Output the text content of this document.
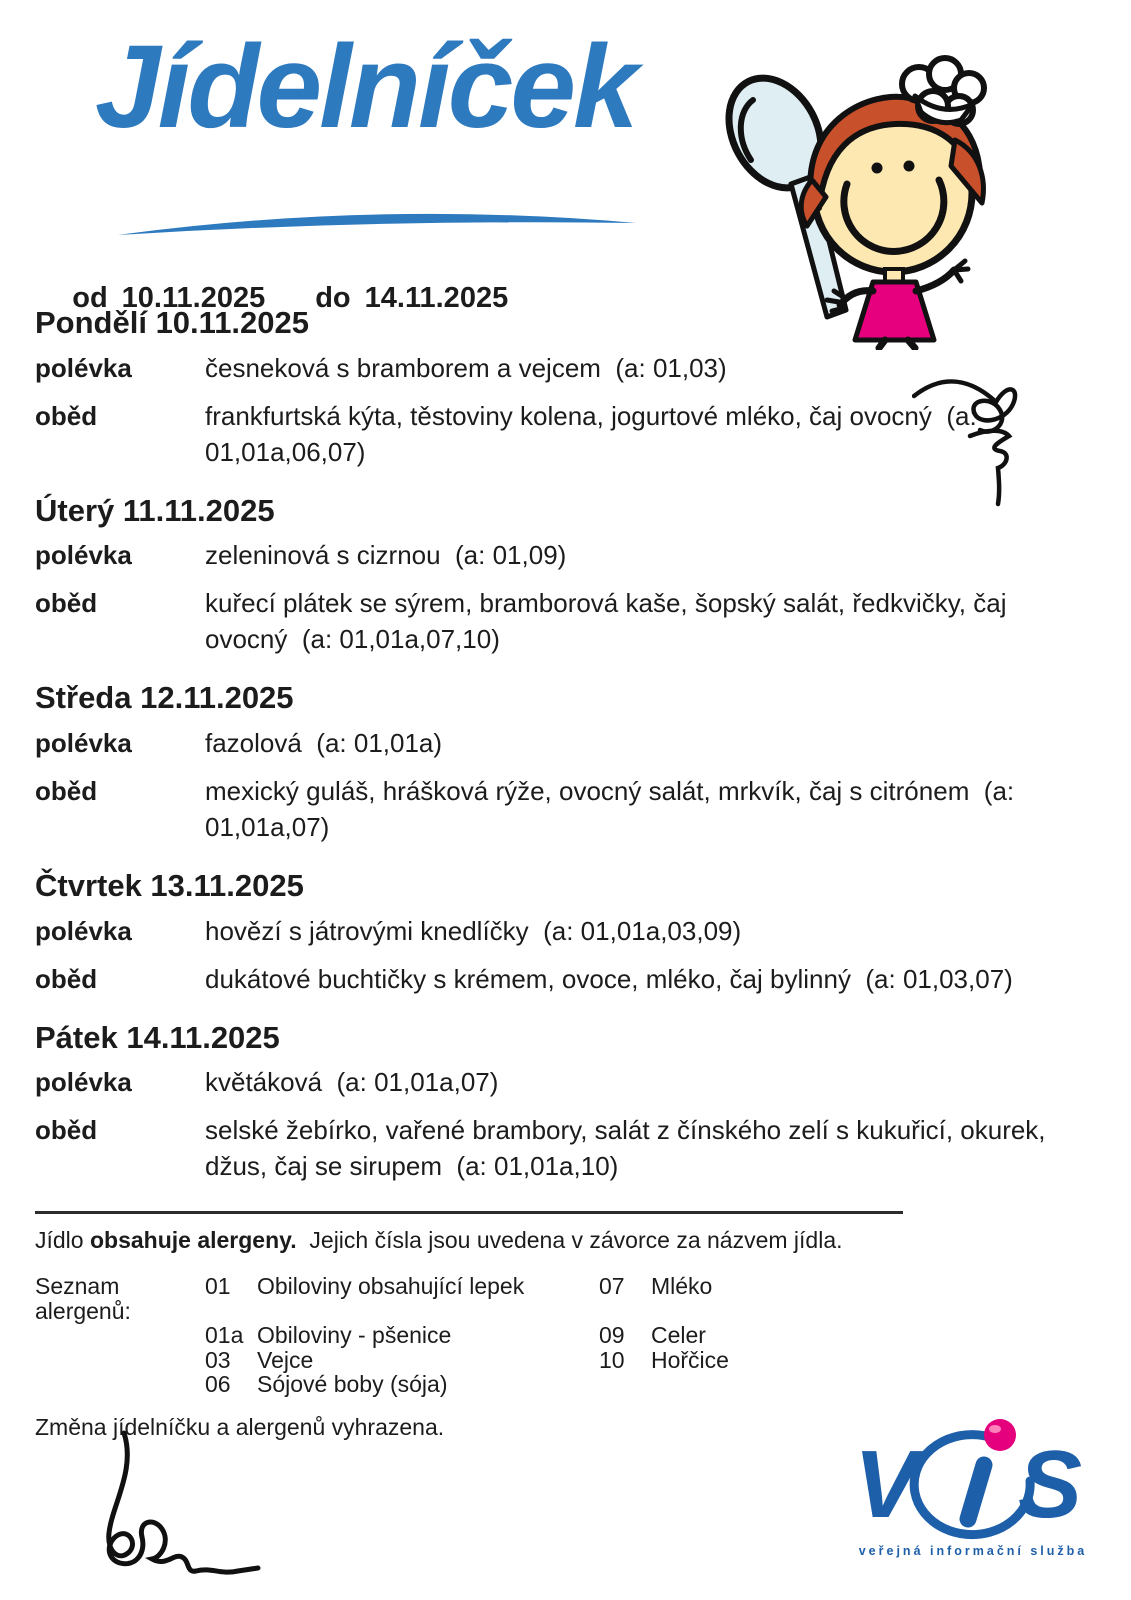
Jídelníček

od 10.11.2025 do 14.11.2025

Pondělí 10.11.2025
polévka	česneková s bramborem a vejcem  (a: 01,03)
oběd	frankfurtská kýta, těstoviny kolena, jogurtové mléko, čaj ovocný  (a: 01,01a,06,07)
Úterý 11.11.2025
polévka	zeleninová s cizrnou  (a: 01,09)
oběd	kuřecí plátek se sýrem, bramborová kaše, šopský salát, ředkvičky, čaj ovocný  (a: 01,01a,07,10)
Středa 12.11.2025
polévka	fazolová  (a: 01,01a)
oběd	mexický guláš, hrášková rýže, ovocný salát, mrkvík, čaj s citrónem  (a: 01,01a,07)
Čtvrtek 13.11.2025
polévka	hovězí s játrovými knedlíčky  (a: 01,01a,03,09)
oběd	dukátové buchtičky s krémem, ovoce, mléko, čaj bylinný  (a: 01,03,07)
Pátek 14.11.2025
polévka	květáková  (a: 01,01a,07)
oběd	selské žebírko, vařené brambory, salát z čínského zelí s kukuřicí, okurek, džus, čaj se sirupem  (a: 01,01a,10)

Jídlo obsahuje alergeny.  Jejich čísla jsou uvedena v závorce za názvem jídla.

Seznam alergenů:
01	Obiloviny obsahující lepek	07	Mléko
01a Obiloviny - pšenice	09	Celer
03	Vejce	10	Hořčice
06	Sójové boby (sója)

Změna jídelníčku a alergenů vyhrazena.

V S
veřejná informační služba
